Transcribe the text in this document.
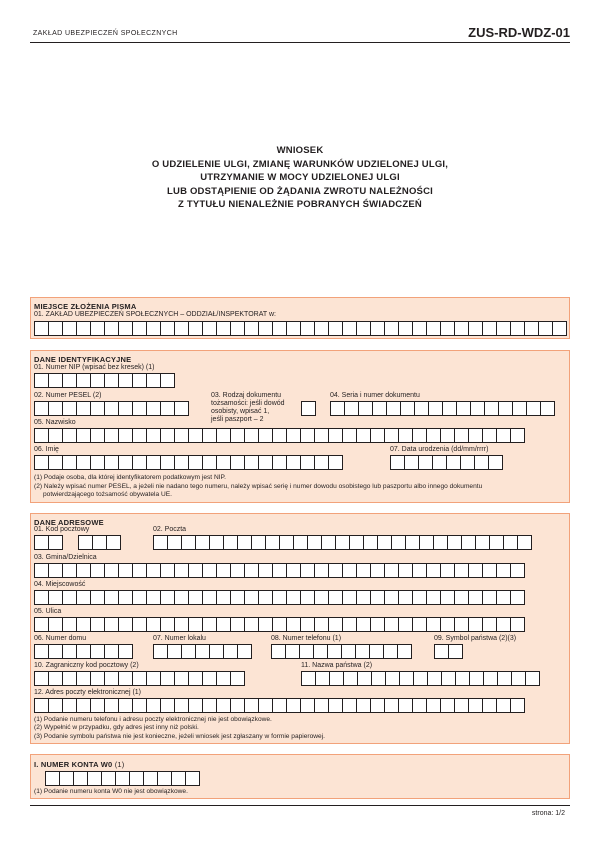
ZAKŁAD UBEZPIECZEŃ SPOŁECZNYCH	ZUS-RD-WDZ-01
WNIOSEK
O UDZIELENIE ULGI, ZMIANĘ WARUNKÓW UDZIELONEJ ULGI,
UTRZYMANIE W MOCY UDZIELONEJ ULGI
LUB ODSTĄPIENIE OD ŻĄDANIA ZWROTU NALEŻNOŚCI
Z TYTUŁU NIENALEŻNIE POBRANYCH ŚWIADCZEŃ
MIEJSCE ZŁOŻENIA PISMA
01. ZAKŁAD UBEZPIECZEŃ SPOŁECZNYCH – ODDZIAŁ/INSPEKTORAT w:
DANE IDENTYFIKACYJNE
01. Numer NIP (wpisać bez kresek) (1)
02. Numer PESEL (2)	03. Rodzaj dokumentu
tożsamości: jeśli dowód
osobisty, wpisać 1,
jeśli paszport – 2
04. Seria i numer dokumentu
05. Nazwisko
06. Imię	07. Data urodzenia (dd/mm/rrrr)
(1) Podaje osoba, dla której identyfikatorem podatkowym jest NIP.
(2) Należy wpisać numer PESEL, a jeżeli nie nadano tego numeru, należy wpisać serię i numer dowodu osobistego lub paszportu albo innego dokumentu
potwierdzającego tożsamość obywatela UE.
DANE ADRESOWE
01. Kod pocztowy	02. Poczta
03. Gmina/Dzielnica
04. Miejscowość
05. Ulica
06. Numer domu	07. Numer lokalu	08. Numer telefonu (1)	09. Symbol państwa (2)(3)
10. Zagraniczny kod pocztowy (2)	11. Nazwa państwa (2)
12. Adres poczty elektronicznej (1)
(1) Podanie numeru telefonu i adresu poczty elektronicznej nie jest obowiązkowe.
(2) Wypełnić w przypadku, gdy adres jest inny niż polski.
(3) Podanie symbolu państwa nie jest konieczne, jeżeli wniosek jest zgłaszany w formie papierowej.
I. NUMER KONTA W0 (1)
(1) Podanie numeru konta W0 nie jest obowiązkowe.
strona: 1/2
